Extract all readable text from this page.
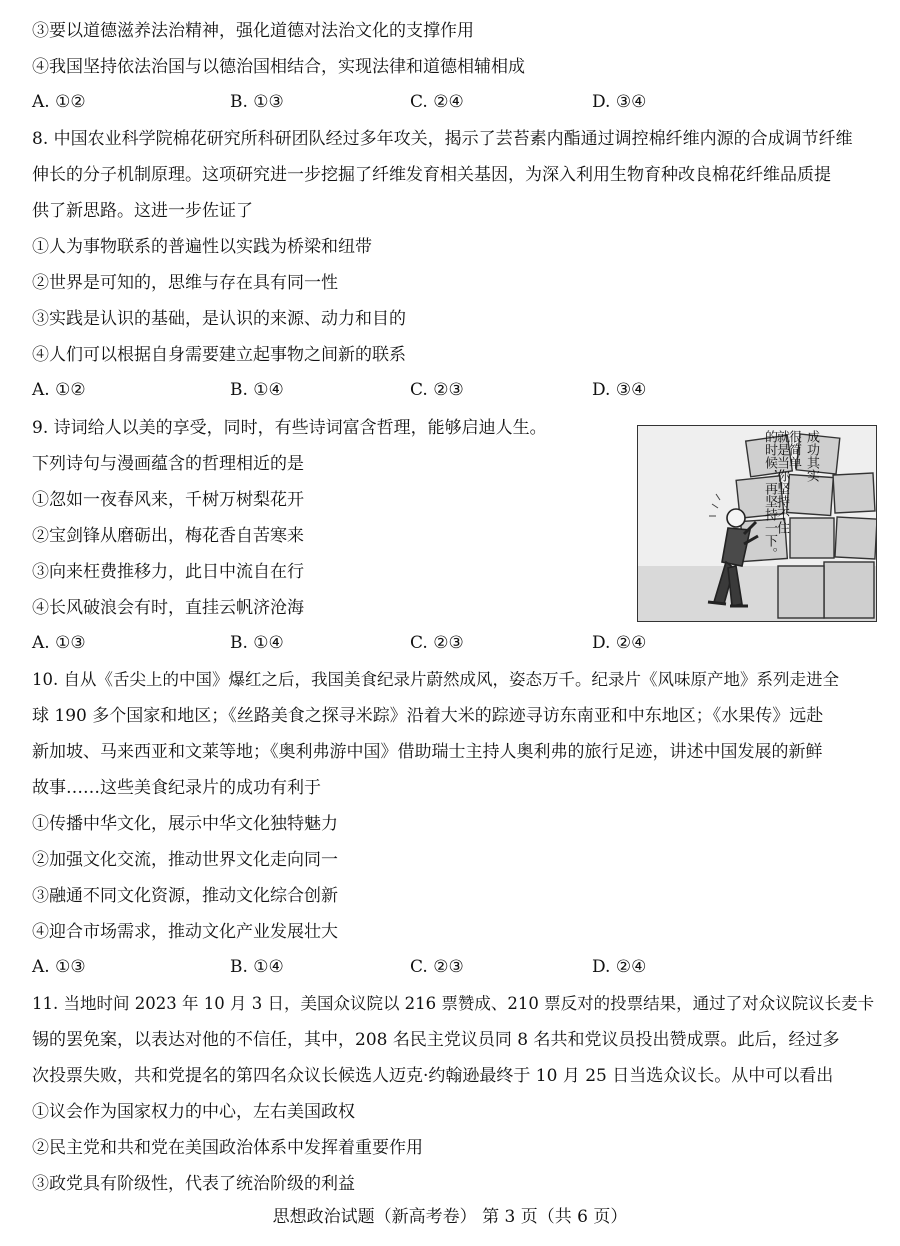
③要以道德滋养法治精神，强化道德对法治文化的支撑作用
④我国坚持依法治国与以德治国相结合，实现法律和道德相辅相成
A. ①②	B. ①③	C. ②④	D. ③④
8. 中国农业科学院棉花研究所科研团队经过多年攻关，揭示了芸苔素内酯通过调控棉纤维内源的合成调节纤维
伸长的分子机制原理。这项研究进一步挖掘了纤维发育相关基因，为深入利用生物育种改良棉花纤维品质提
供了新思路。这进一步佐证了
①人为事物联系的普遍性以实践为桥梁和纽带
②世界是可知的，思维与存在具有同一性
③实践是认识的基础，是认识的来源、动力和目的
④人们可以根据自身需要建立起事物之间新的联系
A. ①②	B. ①④	C. ②③	D. ③④
9. 诗词给人以美的享受，同时，有些诗词富含哲理，能够启迪人生。
下列诗句与漫画蕴含的哲理相近的是
①忽如一夜春风来，千树万树梨花开
②宝剑锋从磨砺出，梅花香自苦寒来
③向来枉费推移力，此日中流自在行
④长风破浪会有时，直挂云帆济沧海
A. ①③	B. ①④	C. ②③	D. ②④
成功其实
很简单
就是当你坚持不住
的时候，再坚持一下。
10. 自从《舌尖上的中国》爆红之后，我国美食纪录片蔚然成风，姿态万千。纪录片《风味原产地》系列走进全
球 190 多个国家和地区；《丝路美食之探寻米踪》沿着大米的踪迹寻访东南亚和中东地区；《水果传》远赴
新加坡、马来西亚和文莱等地；《奥利弗游中国》借助瑞士主持人奥利弗的旅行足迹，讲述中国发展的新鲜
故事……这些美食纪录片的成功有利于
①传播中华文化，展示中华文化独特魅力
②加强文化交流，推动世界文化走向同一
③融通不同文化资源，推动文化综合创新
④迎合市场需求，推动文化产业发展壮大
A. ①③	B. ①④	C. ②③	D. ②④
11. 当地时间 2023 年 10 月 3 日，美国众议院以 216 票赞成、210 票反对的投票结果，通过了对众议院议长麦卡
锡的罢免案，以表达对他的不信任，其中，208 名民主党议员同 8 名共和党议员投出赞成票。此后，经过多
次投票失败，共和党提名的第四名众议长候选人迈克·约翰逊最终于 10 月 25 日当选众议长。从中可以看出
①议会作为国家权力的中心，左右美国政权
②民主党和共和党在美国政治体系中发挥着重要作用
③政党具有阶级性，代表了统治阶级的利益
思想政治试题（新高考卷） 第 3 页（共 6 页）
